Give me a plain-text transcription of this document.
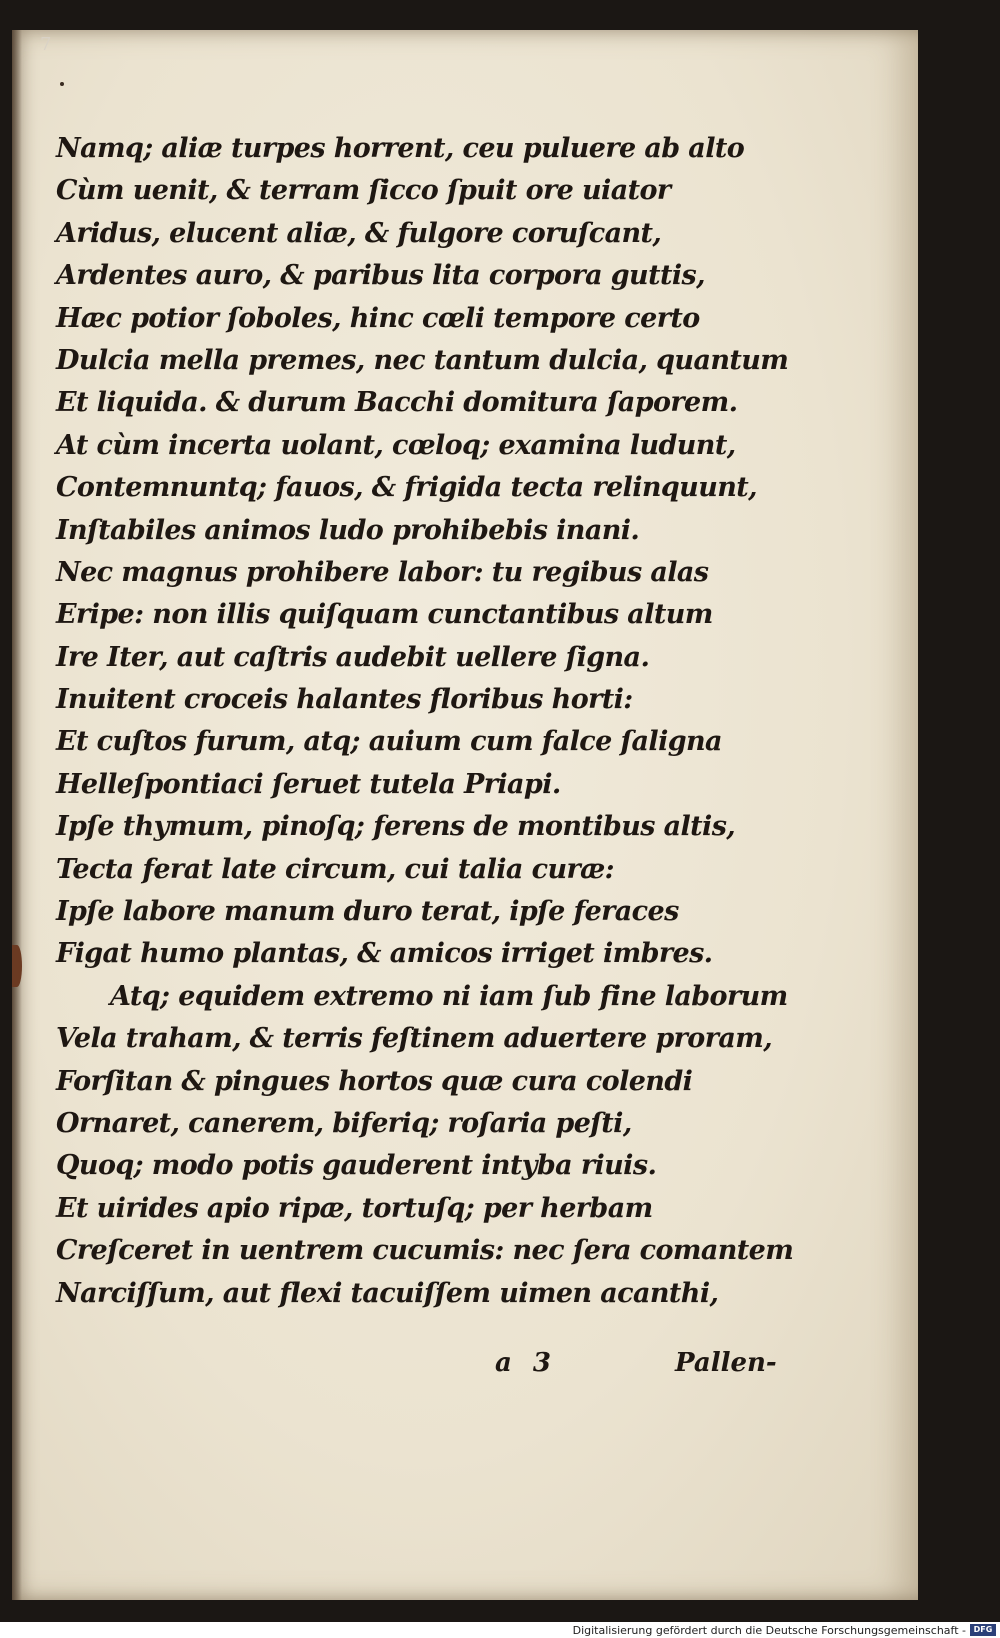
7
Namq; aliæ turpes horrent, ceu puluere ab alto
Cùm uenit, & terram ſicco ſpuit ore uiator
Aridus, elucent aliæ, & fulgore coruſcant,
Ardentes auro, & paribus lita corpora guttis,
Hæc potior ſoboles, hinc cœli tempore certo
Dulcia mella premes, nec tantum dulcia, quantum
Et liquida. & durum Bacchi domitura ſaporem.
At cùm incerta uolant, cœloq; examina ludunt,
Contemnuntq; fauos, & frigida tecta relinquunt,
Inſtabiles animos ludo prohibebis inani.
Nec magnus prohibere labor: tu regibus alas
Eripe: non illis quiſquam cunctantibus altum
Ire Iter, aut caſtris audebit uellere ſigna.
Inuitent croceis halantes floribus horti:
Et cuſtos furum, atq; auium cum falce ſaligna
Helleſpontiaci ſeruet tutela Priapi.
Ipſe thymum, pinoſq; ferens de montibus altis,
Tecta ferat late circum, cui talia curæ:
Ipſe labore manum duro terat, ipſe feraces
Figat humo plantas, & amicos irriget imbres.
Atq; equidem extremo ni iam ſub fine laborum
Vela traham, & terris feſtinem aduertere proram,
Forſitan & pingues hortos quæ cura colendi
Ornaret, canerem, biferiq; roſaria peſti,
Quoq; modo potis gauderent intyba riuis.
Et uirides apio ripæ, tortuſq; per herbam
Creſceret in uentrem cucumis: nec ſera comantem
Narciſſum, aut flexi tacuiſſem uimen acanthi,
a 3	Pallen-
Digitalisierung gefördert durch die Deutsche Forschungsgemeinschaft - DFG
